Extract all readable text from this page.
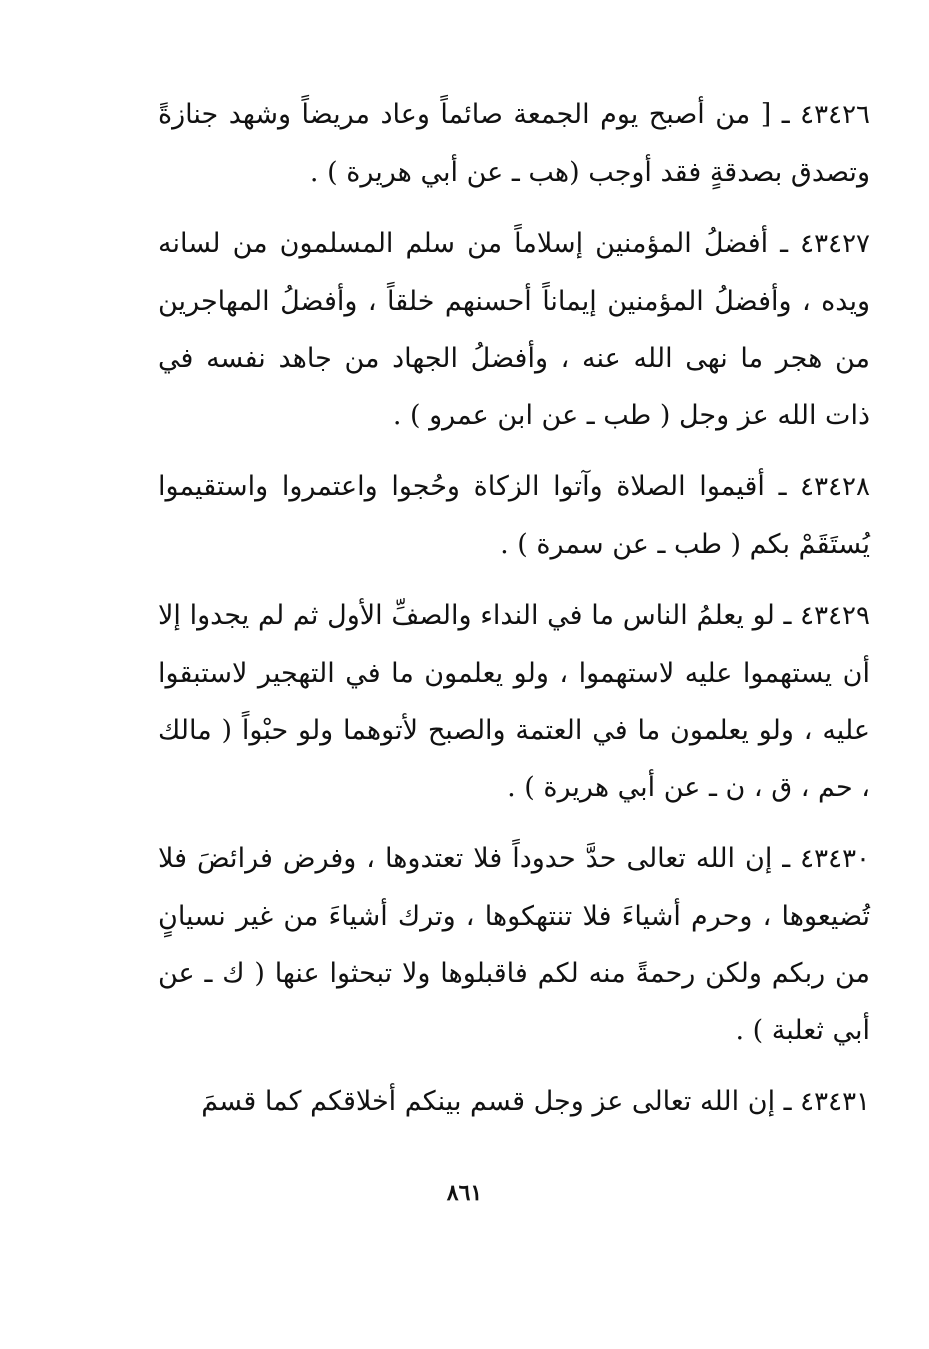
٤٣٤٢٦ ـ [ من أصبح يوم الجمعة صائماً وعاد مريضاً وشهد جنازةً وتصدق بصدقةٍ فقد أوجب (هب ـ عن أبي هريرة ) .

٤٣٤٢٧ ـ أفضلُ المؤمنين إسلاماً من سلم المسلمون من لسانه ويده ، وأفضلُ المؤمنين إيماناً أحسنهم خلقاً ، وأفضلُ المهاجرين من هجر ما نهى الله عنه ، وأفضلُ الجهاد من جاهد نفسه في ذات الله عز وجل ( طب ـ عن ابن عمرو ) .

٤٣٤٢٨ ـ أقيموا الصلاة وآتوا الزكاة وحُجوا واعتمروا واستقيموا يُستَقَمْ بكم ( طب ـ عن سمرة ) .

٤٣٤٢٩ ـ لو يعلمُ الناس ما في النداء والصفِّ الأول ثم لم يجدوا إلا أن يستهموا عليه لاستهموا ، ولو يعلمون ما في التهجير لاستبقوا عليه ، ولو يعلمون ما في العتمة والصبح لأتوهما ولو حبْواً ( مالك ، حم ، ق ، ن ـ عن أبي هريرة ) .

٤٣٤٣٠ ـ إن الله تعالى حدَّ حدوداً فلا تعتدوها ، وفرض فرائضَ فلا تُضيعوها ، وحرم أشياءَ فلا تنتهكوها ، وترك أشياءَ من غير نسيانٍ من ربكم ولكن رحمةً منه لكم فاقبلوها ولا تبحثوا عنها ( ك ـ عن أبي ثعلبة ) .

٤٣٤٣١ ـ إن الله تعالى عز وجل قسم بينكم أخلاقكم كما قسمَ

٨٦١
